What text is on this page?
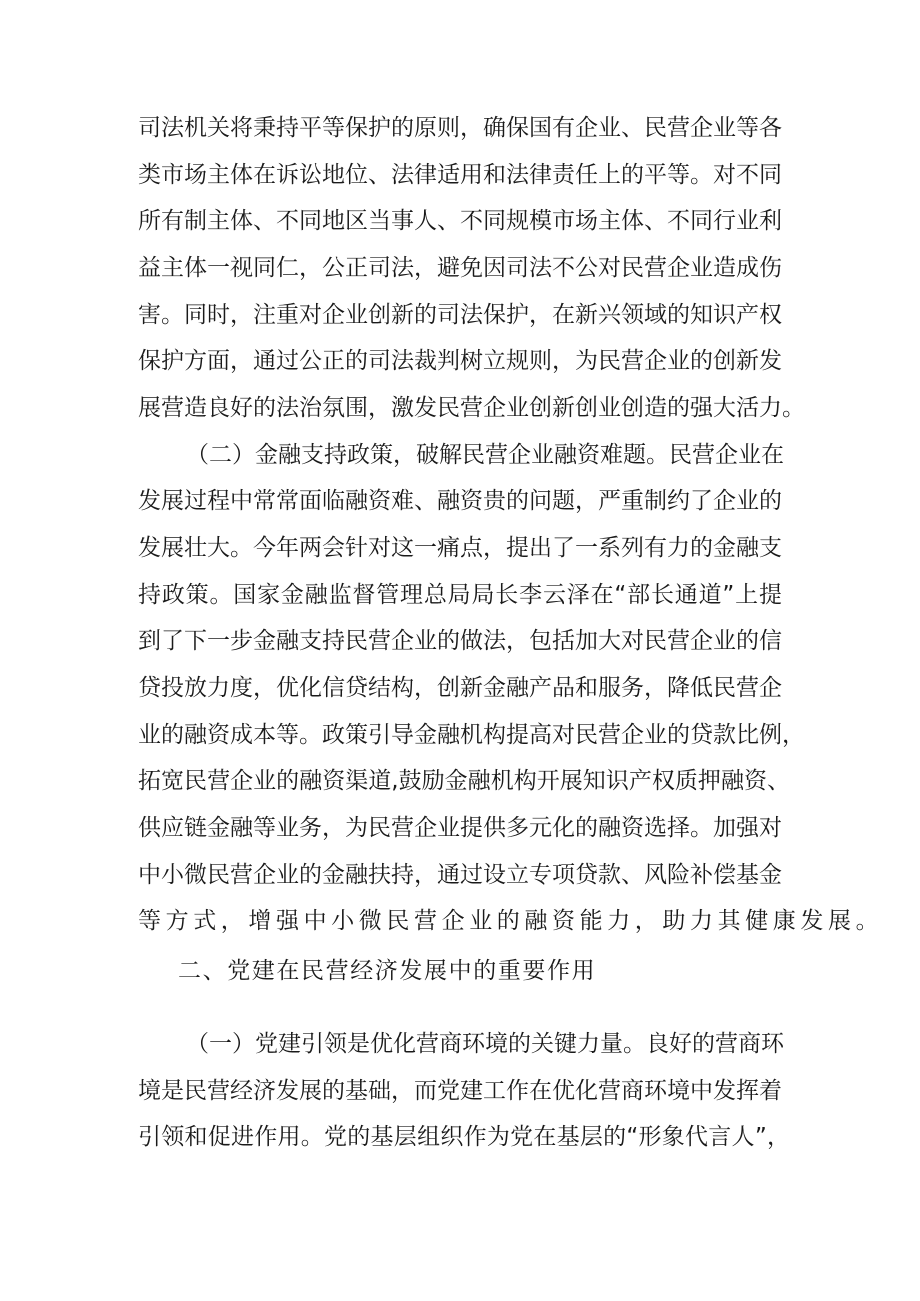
司法机关将秉持平等保护的原则，确保国有企业、民营企业等各
类市场主体在诉讼地位、法律适用和法律责任上的平等。对不同
所有制主体、不同地区当事人、不同规模市场主体、不同行业利
益主体一视同仁，公正司法，避免因司法不公对民营企业造成伤
害。同时，注重对企业创新的司法保护，在新兴领域的知识产权
保护方面，通过公正的司法裁判树立规则，为民营企业的创新发
展营造良好的法治氛围，激发民营企业创新创业创造的强大活力。
（二）金融支持政策，破解民营企业融资难题。民营企业在
发展过程中常常面临融资难、融资贵的问题，严重制约了企业的
发展壮大。今年两会针对这一痛点，提出了一系列有力的金融支
持政策。国家金融监督管理总局局长李云泽在“部长通道”上提
到了下一步金融支持民营企业的做法，包括加大对民营企业的信
贷投放力度，优化信贷结构，创新金融产品和服务，降低民营企
业的融资成本等。政策引导金融机构提高对民营企业的贷款比例，
拓宽民营企业的融资渠道,鼓励金融机构开展知识产权质押融资、
供应链金融等业务，为民营企业提供多元化的融资选择。加强对
中小微民营企业的金融扶持，通过设立专项贷款、风险补偿基金
等方式，增强中小微民营企业的融资能力，助力其健康发展。
二、党建在民营经济发展中的重要作用
（一）党建引领是优化营商环境的关键力量。良好的营商环
境是民营经济发展的基础，而党建工作在优化营商环境中发挥着
引领和促进作用。党的基层组织作为党在基层的“形象代言人”，
